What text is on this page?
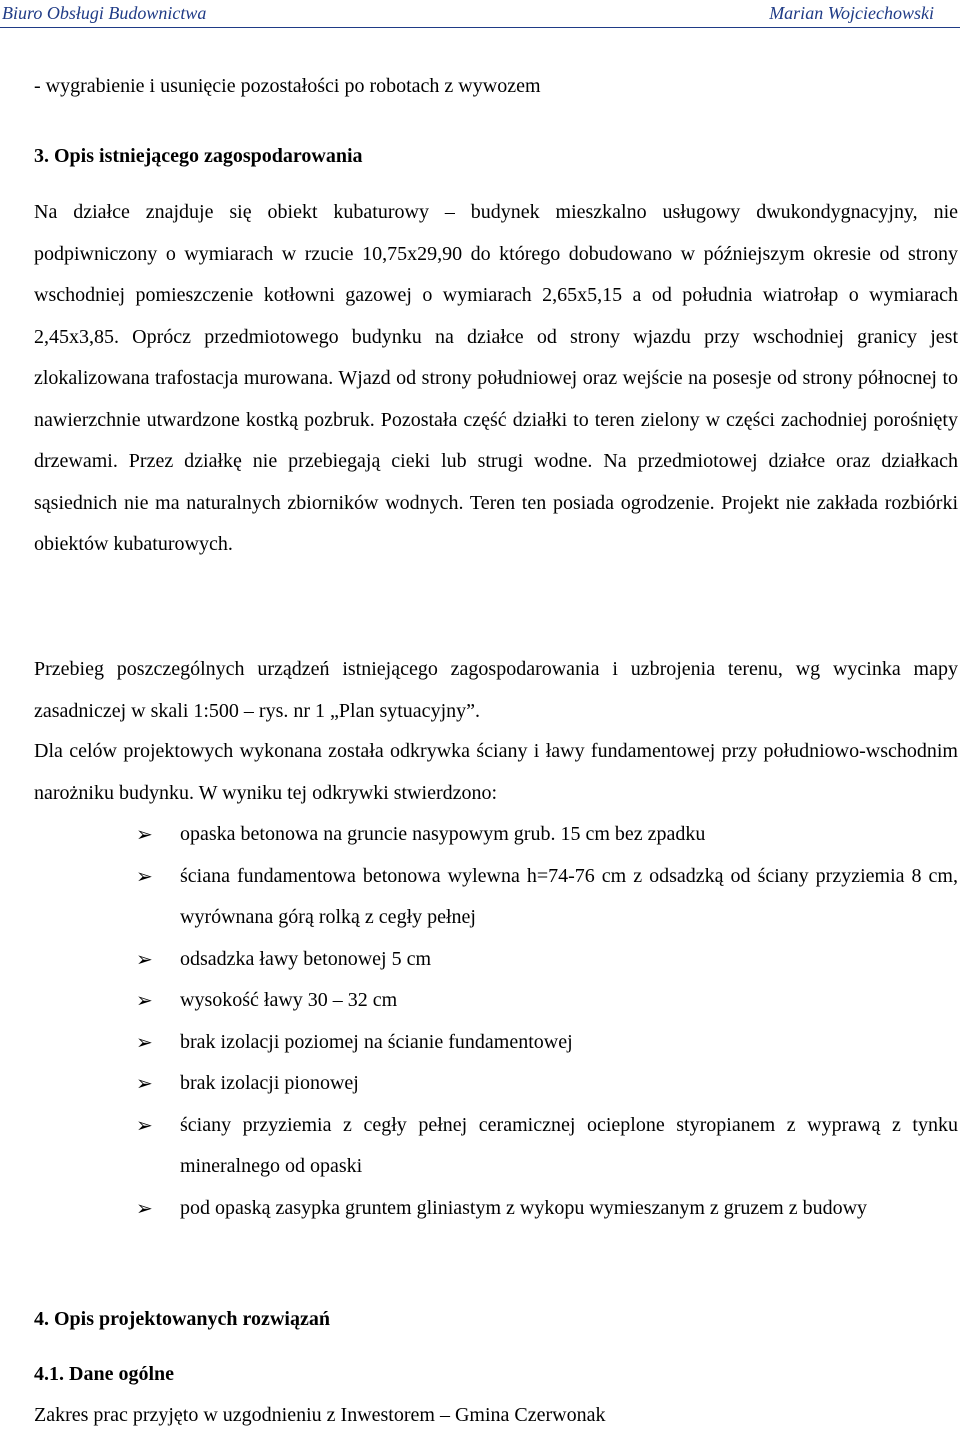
Biuro Obsługi Budownictwa	Marian Wojciechowski
- wygrabienie i usunięcie pozostałości po robotach z wywozem
3. Opis istniejącego zagospodarowania

Na działce znajduje się obiekt kubaturowy – budynek mieszkalno usługowy dwukondygnacyjny, nie podpiwniczony o wymiarach w rzucie 10,75x29,90 do którego dobudowano w późniejszym okresie od strony wschodniej pomieszczenie kotłowni gazowej o wymiarach 2,65x5,15 a od południa wiatrołap o wymiarach 2,45x3,85. Oprócz przedmiotowego budynku na działce od strony wjazdu przy wschodniej granicy jest zlokalizowana trafostacja murowana. Wjazd od strony południowej oraz wejście na posesje od strony północnej to nawierzchnie utwardzone kostką pozbruk. Pozostała część działki to teren zielony w części zachodniej porośnięty drzewami. Przez działkę nie przebiegają cieki lub strugi wodne. Na przedmiotowej działce oraz działkach sąsiednich nie ma naturalnych zbiorników wodnych. Teren ten posiada ogrodzenie. Projekt nie zakłada rozbiórki obiektów kubaturowych.

Przebieg poszczególnych urządzeń istniejącego zagospodarowania i uzbrojenia terenu, wg wycinka mapy zasadniczej w skali 1:500 – rys. nr 1 „Plan sytuacyjny”.

Dla celów projektowych wykonana została odkrywka ściany i ławy fundamentowej przy południowo-wschodnim narożniku budynku. W wyniku tej odkrywki stwierdzono:

➢	opaska betonowa na gruncie nasypowym grub. 15 cm bez zpadku
➢	ściana fundamentowa betonowa wylewna h=74-76 cm z odsadzką od ściany przyziemia 8 cm, wyrównana górą rolką z cegły pełnej
➢	odsadzka ławy betonowej 5 cm
➢	wysokość ławy 30 – 32 cm
➢	brak izolacji poziomej na ścianie fundamentowej
➢	brak izolacji pionowej
➢	ściany przyziemia z cegły pełnej ceramicznej ocieplone styropianem z wyprawą z tynku mineralnego od opaski
➢	pod opaską zasypka gruntem gliniastym z wykopu wymieszanym z gruzem z budowy
4. Opis projektowanych rozwiązań
4.1. Dane ogólne
Zakres prac przyjęto w uzgodnieniu z Inwestorem – Gmina Czerwonak
